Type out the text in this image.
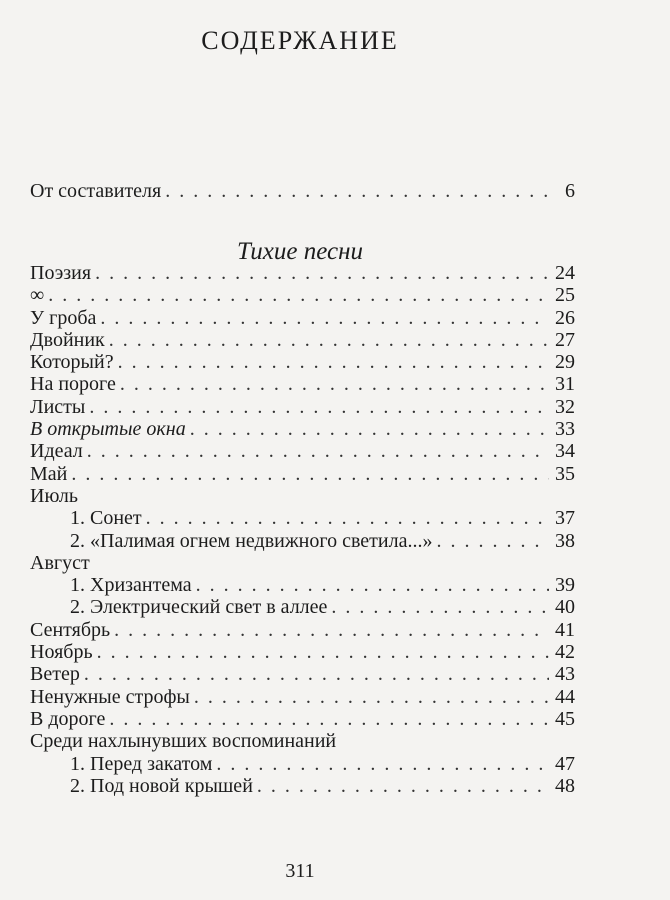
СОДЕРЖАНИЕ
От составителя . . .	6
Тихие песни
Поэзия . . .	24
∞ . . .	25
У гроба . . .	26
Двойник . . .	27
Который? . . .	29
На пороге . . .	31
Листы . . .	32
В открытые окна . . .	33
Идеал . . .	34
Май . . .	35
Июль
1. Сонет . . .	37
2. «Палимая огнем недвижного светила...» . . .	38
Август
1. Хризантема . . .	39
2. Электрический свет в аллее . . .	40
Сентябрь . . .	41
Ноябрь . . .	42
Ветер . . .	43
Ненужные строфы . . .	44
В дороге . . .	45
Среди нахлынувших воспоминаний
1. Перед закатом . . .	47
2. Под новой крышей . . .	48
311
